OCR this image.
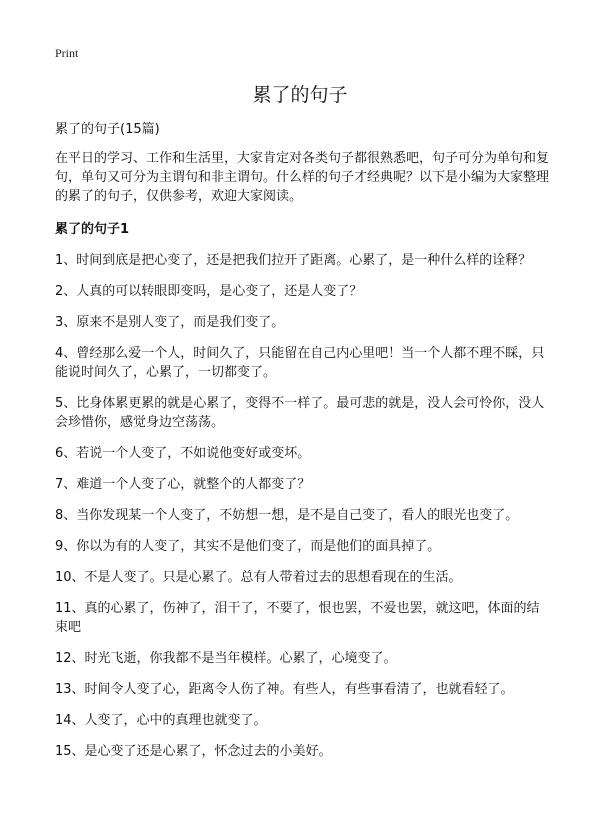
Print
累了的句子

累了的句子(15篇)

在平日的学习、工作和生活里，大家肯定对各类句子都很熟悉吧，句子可分为单句和复句，单句又可分为主谓句和非主谓句。什么样的句子才经典呢？以下是小编为大家整理的累了的句子，仅供参考，欢迎大家阅读。

累了的句子1

1、时间到底是把心变了，还是把我们拉开了距离。心累了，是一种什么样的诠释？

2、人真的可以转眼即变吗，是心变了，还是人变了？

3、原来不是别人变了，而是我们变了。

4、曾经那么爱一个人，时间久了，只能留在自己内心里吧！当一个人都不理不睬，只能说时间久了，心累了，一切都变了。

5、比身体累更累的就是心累了，变得不一样了。最可悲的就是，没人会可怜你，没人会珍惜你，感觉身边空荡荡。

6、若说一个人变了，不如说他变好或变坏。

7、难道一个人变了心，就整个的人都变了？

8、当你发现某一个人变了，不妨想一想，是不是自己变了，看人的眼光也变了。

9、你以为有的人变了，其实不是他们变了，而是他们的面具掉了。

10、不是人变了。只是心累了。总有人带着过去的思想看现在的生活。

11、真的心累了，伤神了，泪干了，不要了，恨也罢，不爱也罢，就这吧，体面的结束吧

12、时光飞逝，你我都不是当年模样。心累了，心境变了。

13、时间令人变了心，距离令人伤了神。有些人，有些事看清了，也就看轻了。

14、人变了，心中的真理也就变了。

15、是心变了还是心累了，怀念过去的小美好。
